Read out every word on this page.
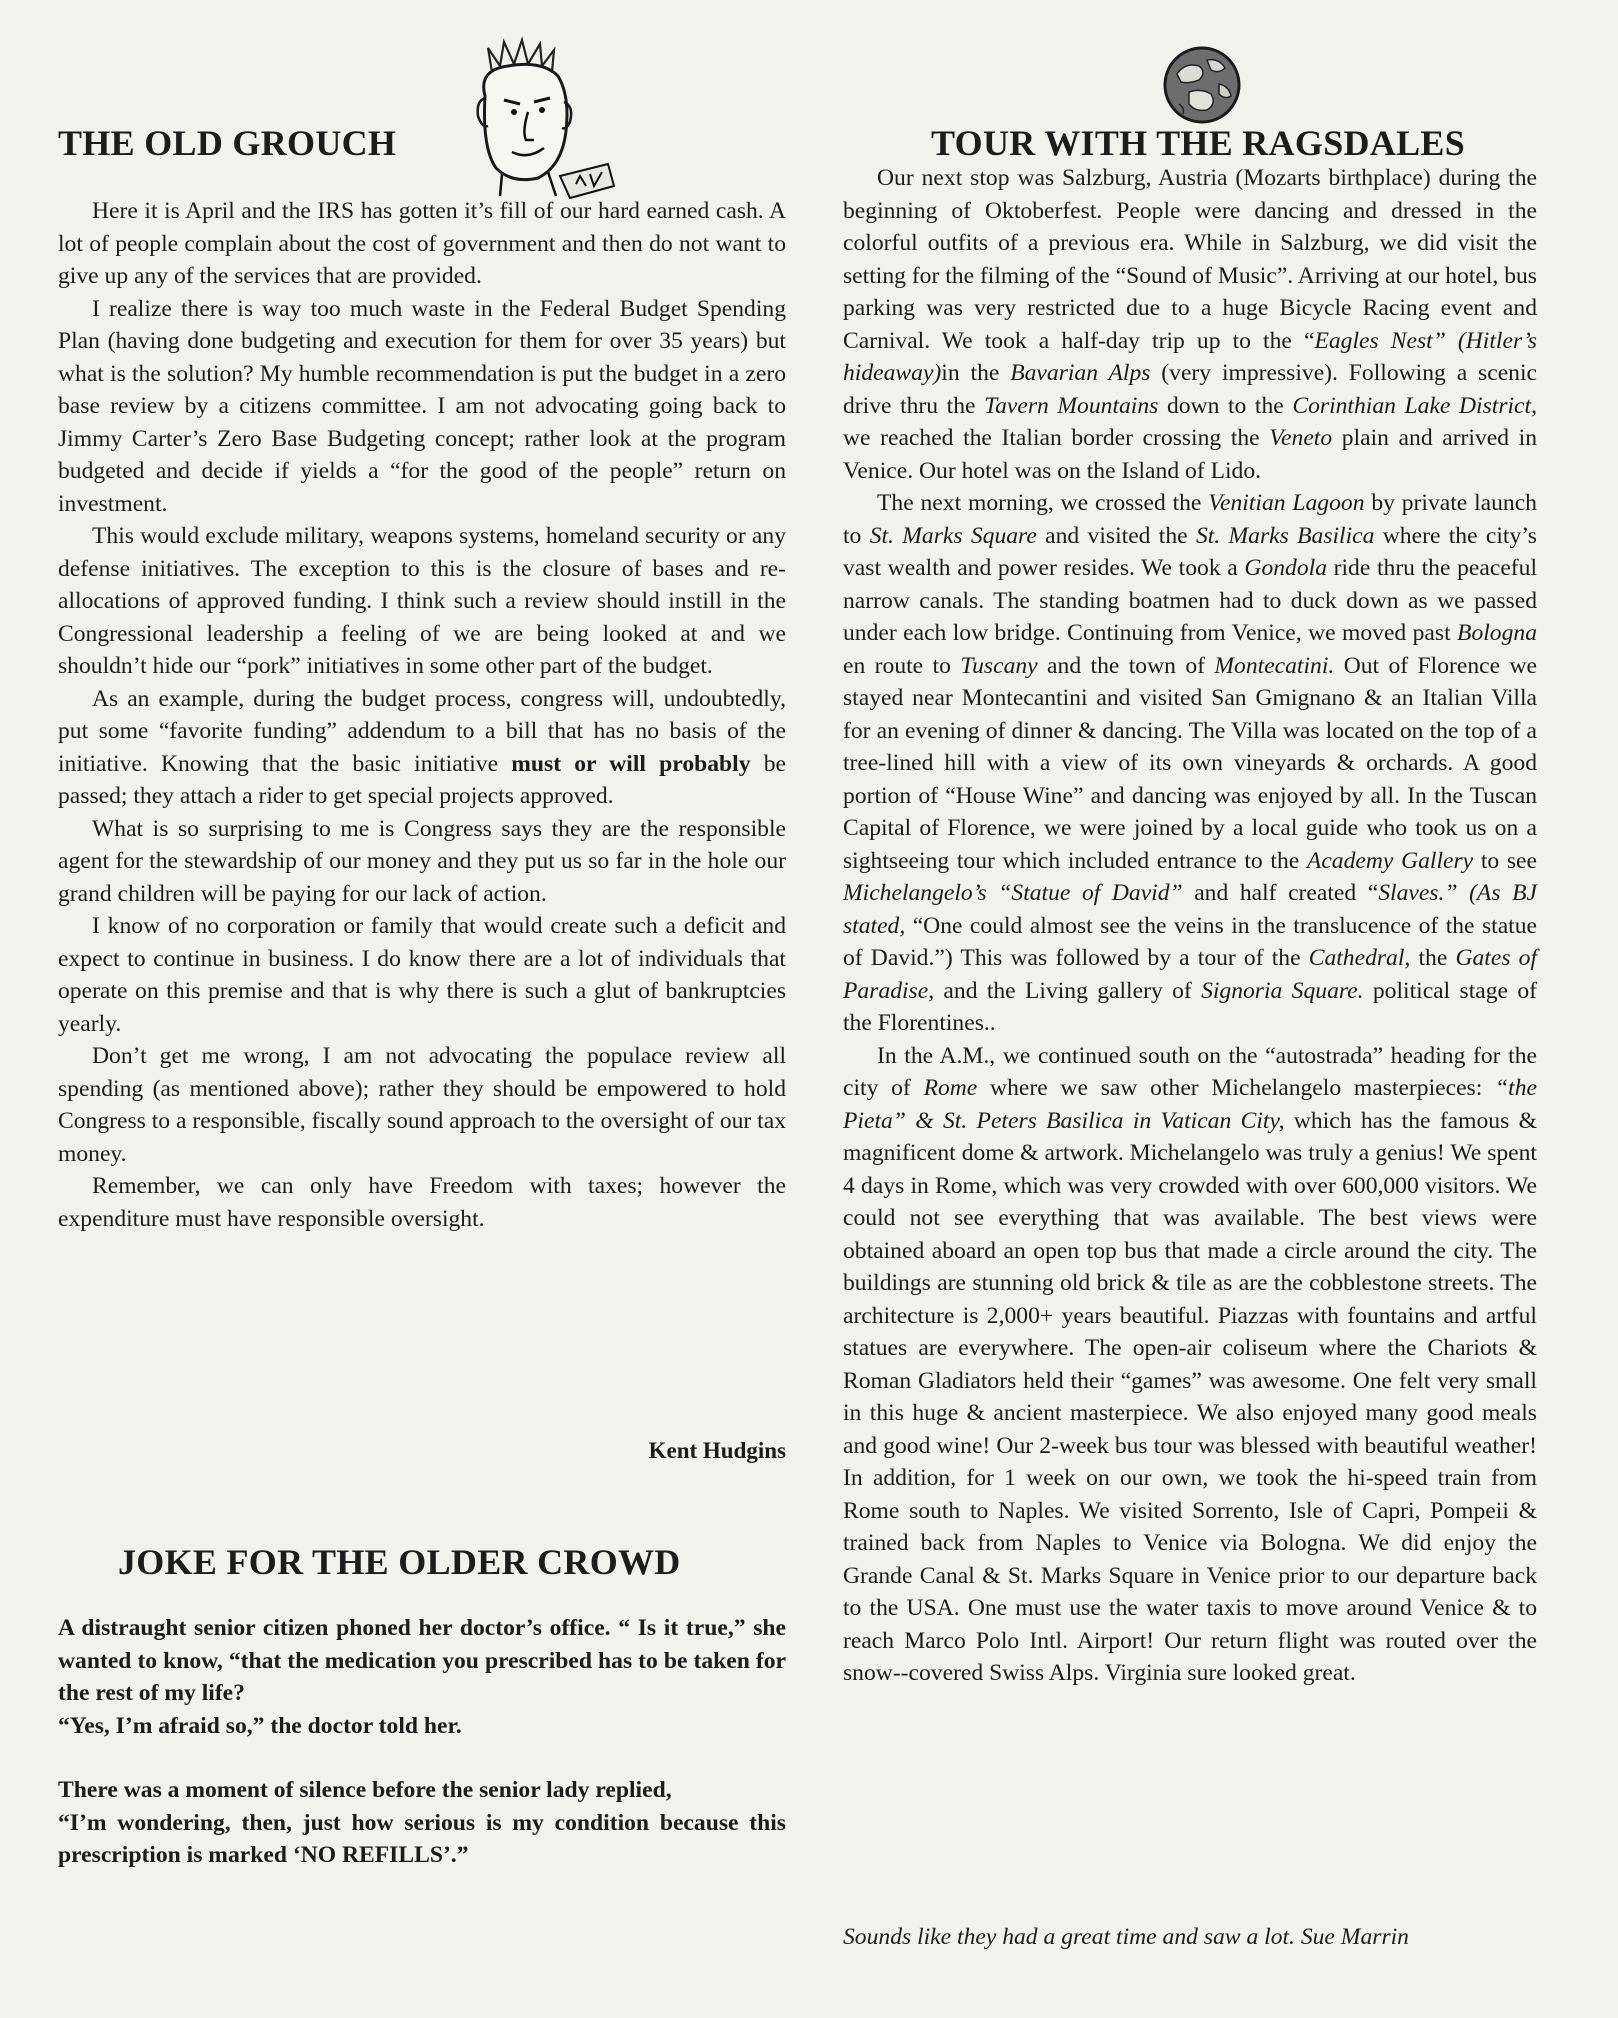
THE OLD GROUCH

Here it is April and the IRS has gotten it’s fill of our hard earned cash. A lot of people complain about the cost of government and then do not want to give up any of the services that are provided.

I realize there is way too much waste in the Federal Budget Spending Plan (having done budgeting and execution for them for over 35 years) but what is the solution? My humble recommendation is put the budget in a zero base review by a citizens committee. I am not advocating going back to Jimmy Carter’s Zero Base Budgeting concept; rather look at the program budgeted and decide if yields a “for the good of the people” return on investment.

This would exclude military, weapons systems, homeland security or any defense initiatives. The exception to this is the closure of bases and re-allocations of approved funding. I think such a review should instill in the Congressional leadership a feeling of we are being looked at and we shouldn’t hide our “pork” initiatives in some other part of the budget.

As an example, during the budget process, congress will, undoubtedly, put some “favorite funding” addendum to a bill that has no basis of the initiative. Knowing that the basic initiative must or will probably be passed; they attach a rider to get special projects approved.

What is so surprising to me is Congress says they are the responsible agent for the stewardship of our money and they put us so far in the hole our grand children will be paying for our lack of action.

I know of no corporation or family that would create such a deficit and expect to continue in business. I do know there are a lot of individuals that operate on this premise and that is why there is such a glut of bankruptcies yearly.

Don’t get me wrong, I am not advocating the populace review all spending (as mentioned above); rather they should be empowered to hold Congress to a responsible, fiscally sound approach to the oversight of our tax money.

Remember, we can only have Freedom with taxes; however the expenditure must have responsible oversight.

Kent Hudgins
JOKE FOR THE OLDER CROWD

A distraught senior citizen phoned her doctor’s office. “ Is it true,” she wanted to know, “that the medication you prescribed has to be taken for the rest of my life?

“Yes, I’m afraid so,” the doctor told her.

There was a moment of silence before the senior lady replied,

“I’m wondering, then, just how serious is my condition because this prescription is marked ‘NO REFILLS’.”

TOUR WITH THE RAGSDALES

Our next stop was Salzburg, Austria (Mozarts birthplace) during the beginning of Oktoberfest. People were dancing and dressed in the colorful outfits of a previous era. While in Salzburg, we did visit the setting for the filming of the “Sound of Music”. Arriving at our hotel, bus parking was very restricted due to a huge Bicycle Racing event and Carnival. We took a half-day trip up to the “Eagles Nest” (Hitler’s hideaway)in the Bavarian Alps (very impressive). Following a scenic drive thru the Tavern Mountains down to the Corinthian Lake District, we reached the Italian border crossing the Veneto plain and arrived in Venice. Our hotel was on the Island of Lido.

The next morning, we crossed the Venitian Lagoon by private launch to St. Marks Square and visited the St. Marks Basilica where the city’s vast wealth and power resides. We took a Gondola ride thru the peaceful narrow canals. The standing boatmen had to duck down as we passed under each low bridge. Continuing from Venice, we moved past Bologna en route to Tuscany and the town of Montecatini. Out of Florence we stayed near Montecantini and visited San Gmignano & an Italian Villa for an evening of dinner & dancing. The Villa was located on the top of a tree-lined hill with a view of its own vineyards & orchards. A good portion of “House Wine” and dancing was enjoyed by all. In the Tuscan Capital of Florence, we were joined by a local guide who took us on a sightseeing tour which included entrance to the Academy Gallery to see Michelangelo’s “Statue of David” and half created “Slaves.” (As BJ stated, “One could almost see the veins in the translucence of the statue of David.”) This was followed by a tour of the Cathedral, the Gates of Paradise, and the Living gallery of Signoria Square. political stage of the Florentines..

In the A.M., we continued south on the “autostrada” heading for the city of Rome where we saw other Michelangelo masterpieces: “the Pieta” & St. Peters Basilica in Vatican City, which has the famous & magnificent dome & artwork. Michelangelo was truly a genius! We spent 4 days in Rome, which was very crowded with over 600,000 visitors. We could not see everything that was available. The best views were obtained aboard an open top bus that made a circle around the city. The buildings are stunning old brick & tile as are the cobblestone streets. The architecture is 2,000+ years beautiful. Piazzas with fountains and artful statues are everywhere. The open-air coliseum where the Chariots & Roman Gladiators held their “games” was awesome. One felt very small in this huge & ancient masterpiece. We also enjoyed many good meals and good wine! Our 2-week bus tour was blessed with beautiful weather! In addition, for 1 week on our own, we took the hi-speed train from Rome south to Naples. We visited Sorrento, Isle of Capri, Pompeii & trained back from Naples to Venice via Bologna. We did enjoy the Grande Canal & St. Marks Square in Venice prior to our departure back to the USA. One must use the water taxis to move around Venice & to reach Marco Polo Intl. Airport! Our return flight was routed over the snow--covered Swiss Alps. Virginia sure looked great.

Sounds like they had a great time and saw a lot. Sue Marrin
